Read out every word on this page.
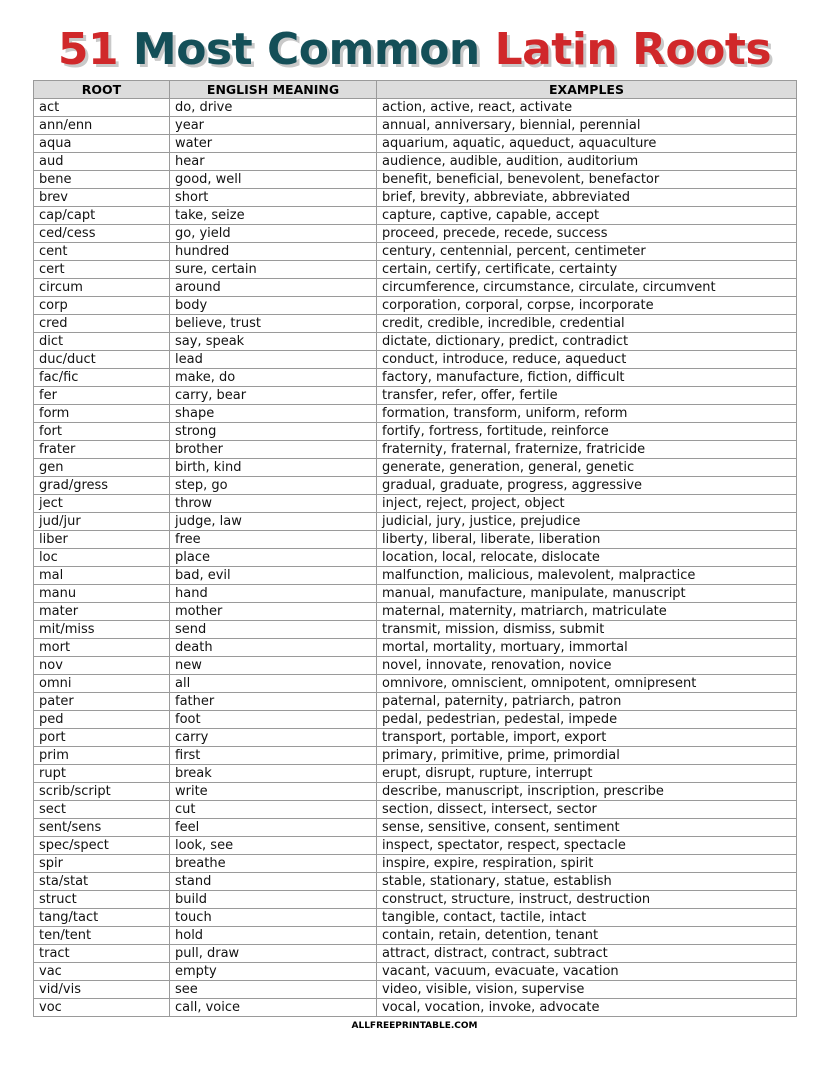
51 Most Common Latin Roots
ROOT	ENGLISH MEANING	EXAMPLES
act	do, drive	action, active, react, activate
ann/enn	year	annual, anniversary, biennial, perennial
aqua	water	aquarium, aquatic, aqueduct, aquaculture
aud	hear	audience, audible, audition, auditorium
bene	good, well	benefit, beneficial, benevolent, benefactor
brev	short	brief, brevity, abbreviate, abbreviated
cap/capt	take, seize	capture, captive, capable, accept
ced/cess	go, yield	proceed, precede, recede, success
cent	hundred	century, centennial, percent, centimeter
cert	sure, certain	certain, certify, certificate, certainty
circum	around	circumference, circumstance, circulate, circumvent
corp	body	corporation, corporal, corpse, incorporate
cred	believe, trust	credit, credible, incredible, credential
dict	say, speak	dictate, dictionary, predict, contradict
duc/duct	lead	conduct, introduce, reduce, aqueduct
fac/fic	make, do	factory, manufacture, fiction, difficult
fer	carry, bear	transfer, refer, offer, fertile
form	shape	formation, transform, uniform, reform
fort	strong	fortify, fortress, fortitude, reinforce
frater	brother	fraternity, fraternal, fraternize, fratricide
gen	birth, kind	generate, generation, general, genetic
grad/gress	step, go	gradual, graduate, progress, aggressive
ject	throw	inject, reject, project, object
jud/jur	judge, law	judicial, jury, justice, prejudice
liber	free	liberty, liberal, liberate, liberation
loc	place	location, local, relocate, dislocate
mal	bad, evil	malfunction, malicious, malevolent, malpractice
manu	hand	manual, manufacture, manipulate, manuscript
mater	mother	maternal, maternity, matriarch, matriculate
mit/miss	send	transmit, mission, dismiss, submit
mort	death	mortal, mortality, mortuary, immortal
nov	new	novel, innovate, renovation, novice
omni	all	omnivore, omniscient, omnipotent, omnipresent
pater	father	paternal, paternity, patriarch, patron
ped	foot	pedal, pedestrian, pedestal, impede
port	carry	transport, portable, import, export
prim	first	primary, primitive, prime, primordial
rupt	break	erupt, disrupt, rupture, interrupt
scrib/script	write	describe, manuscript, inscription, prescribe
sect	cut	section, dissect, intersect, sector
sent/sens	feel	sense, sensitive, consent, sentiment
spec/spect	look, see	inspect, spectator, respect, spectacle
spir	breathe	inspire, expire, respiration, spirit
sta/stat	stand	stable, stationary, statue, establish
struct	build	construct, structure, instruct, destruction
tang/tact	touch	tangible, contact, tactile, intact
ten/tent	hold	contain, retain, detention, tenant
tract	pull, draw	attract, distract, contract, subtract
vac	empty	vacant, vacuum, evacuate, vacation
vid/vis	see	video, visible, vision, supervise
voc	call, voice	vocal, vocation, invoke, advocate
ALLFREEPRINTABLE.COM
